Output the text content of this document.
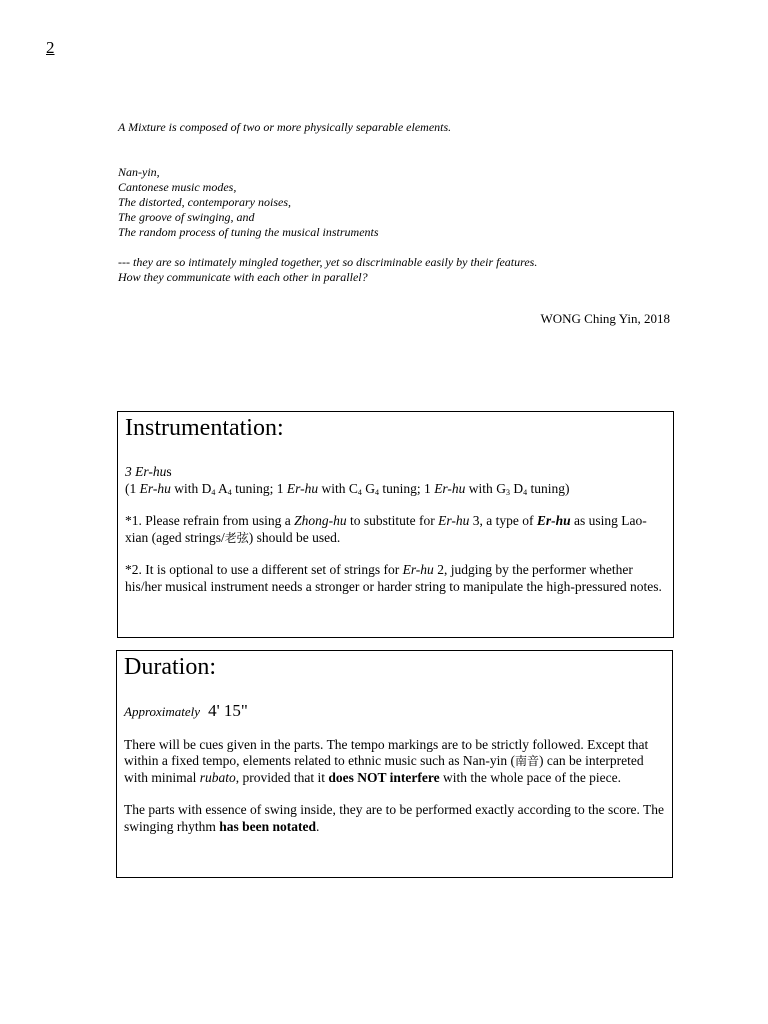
2

A Mixture is composed of two or more physically separable elements.

Nan-yin,

Cantonese music modes,

The distorted, contemporary noises,

The groove of swinging, and

The random process of tuning the musical instruments

--- they are so intimately mingled together, yet so discriminable easily by their features.

How they communicate with each other in parallel?

WONG Ching Yin, 2018
Instrumentation:

3 Er-hus

(1 Er-hu with $D_4$ $A_4$ tuning; 1 Er-hu with $C_4$ $G_4$ tuning; 1 Er-hu with $G_3$ $D_4$ tuning)

*1. Please refrain from using a Zhong-hu to substitute for Er-hu 3, a type of Er-hu as using Lao-xian (aged strings/老弦) should be used.

*2. It is optional to use a different set of strings for Er-hu 2, judging by the performer whether his/her musical instrument needs a stronger or harder string to manipulate the high-pressured notes.

Duration:

Approximately 4' 15"

There will be cues given in the parts. The tempo markings are to be strictly followed. Except that within a fixed tempo, elements related to ethnic music such as Nan-yin (南音) can be interpreted with minimal rubato, provided that it does NOT interfere with the whole pace of the piece.

The parts with essence of swing inside, they are to be performed exactly according to the score. The swinging rhythm has been notated.
